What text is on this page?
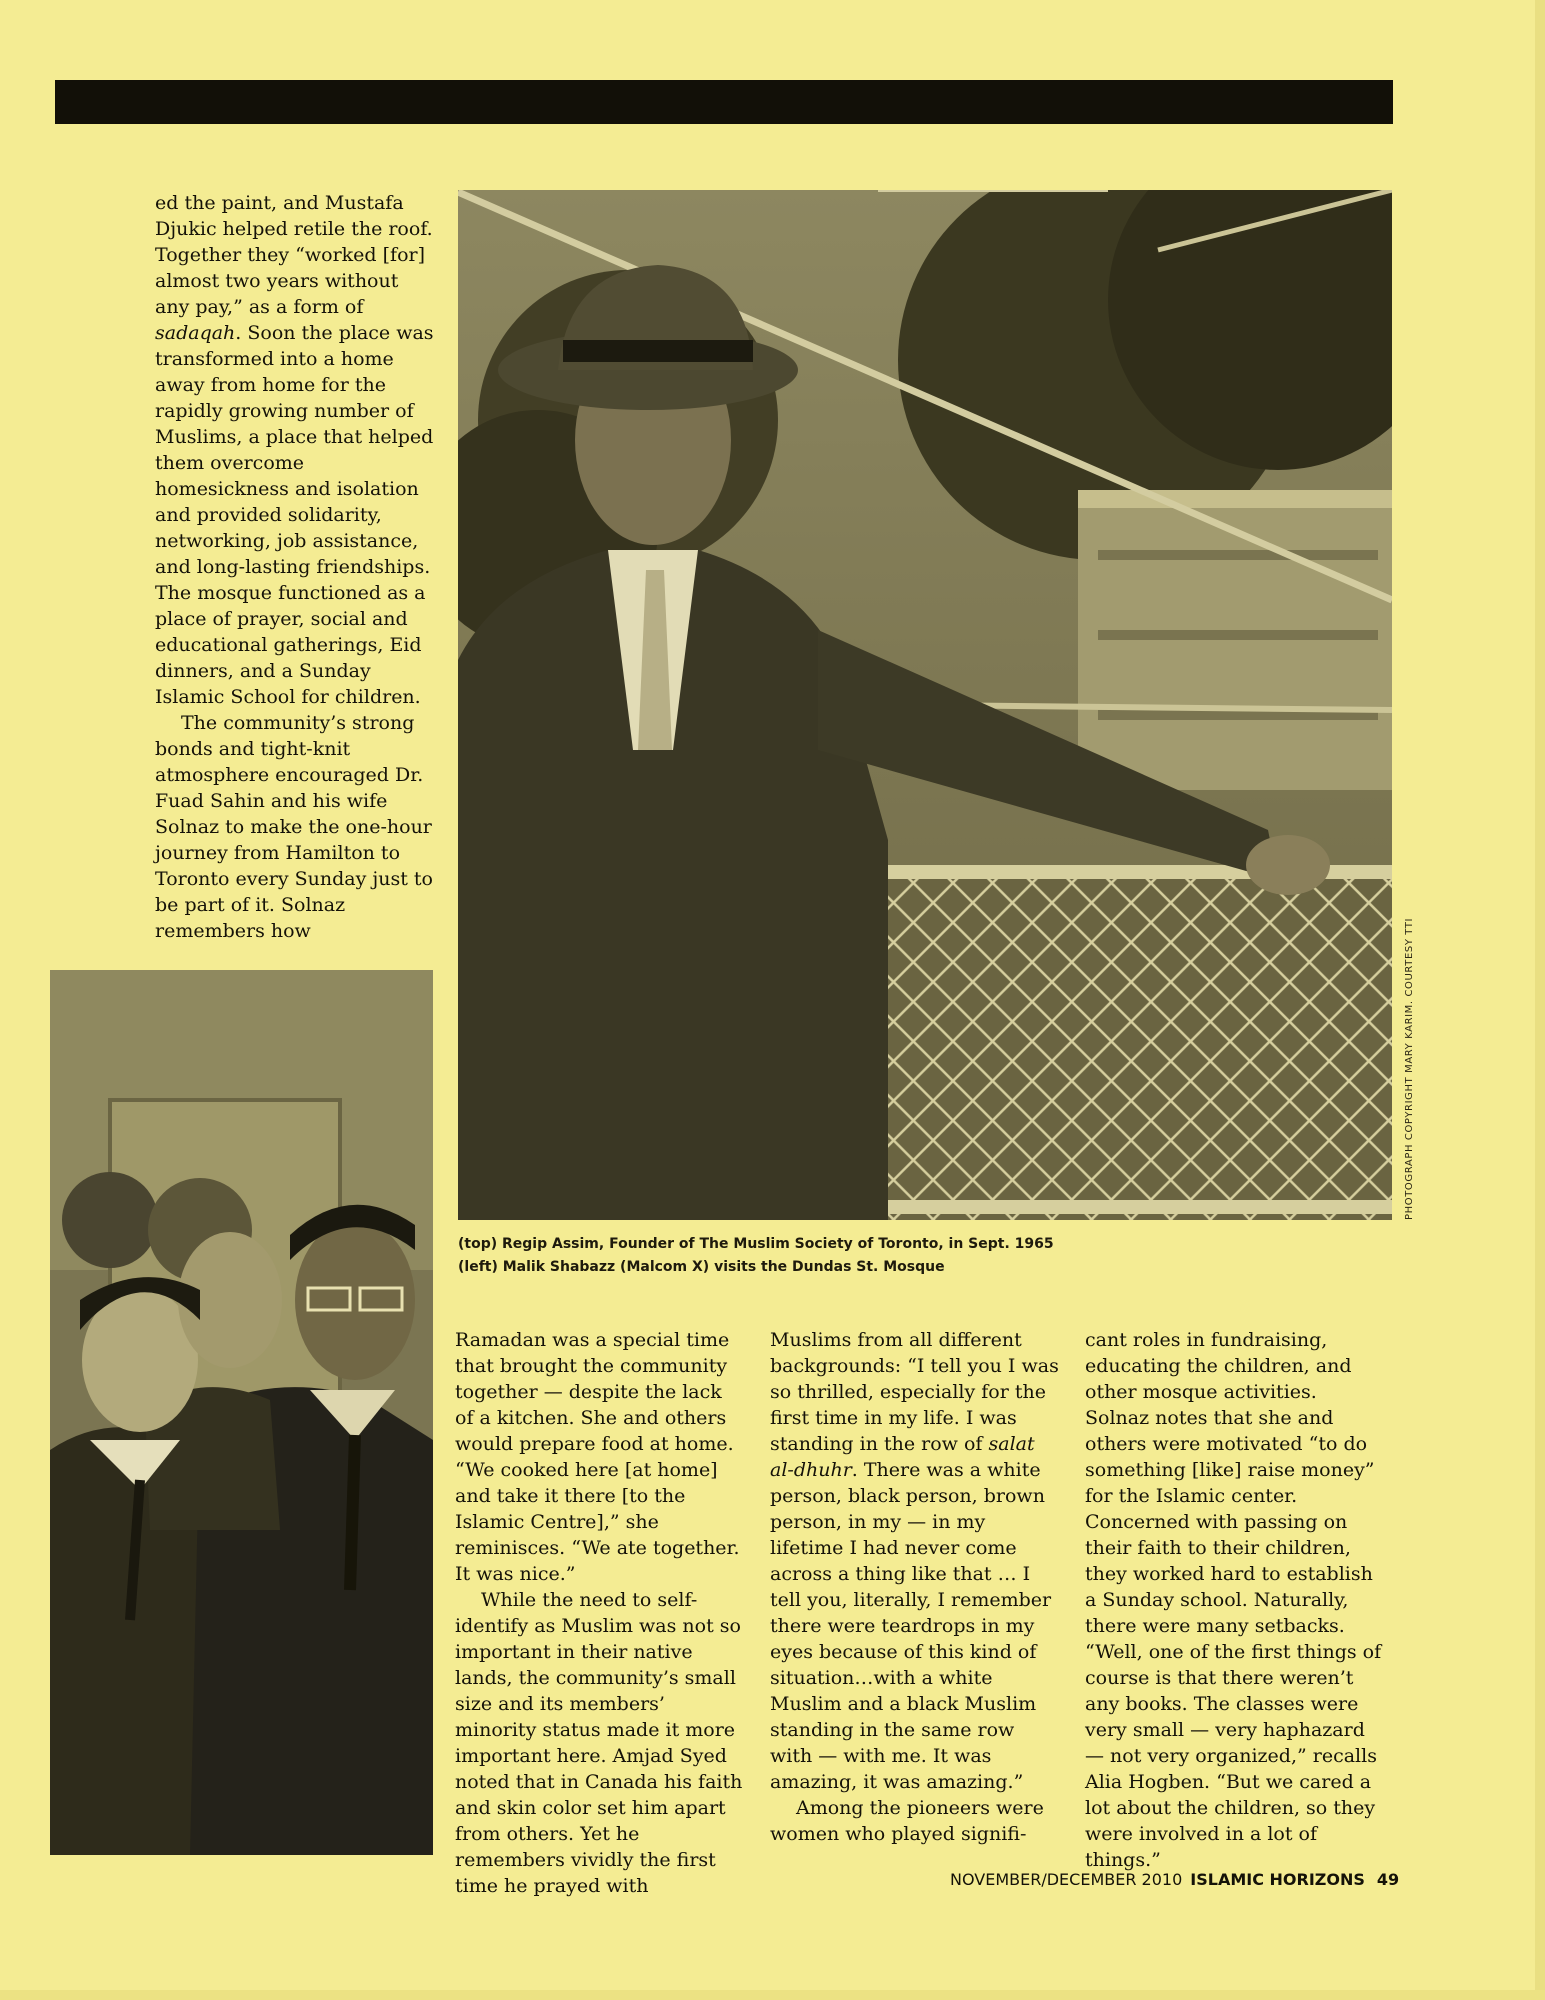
ed the paint, and Mustafa Djukic helped retile the roof. Together they “worked [for] almost two years without any pay,” as a form of sadaqah. Soon the place was transformed into a home away from home for the rapidly growing number of Muslims, a place that helped them overcome homesickness and isolation and provided solidarity, networking, job assistance, and long-lasting friendships. The mosque functioned as a place of prayer, social and educational gatherings, Eid dinners, and a Sunday Islamic School for children.

The community’s strong bonds and tight-knit atmosphere encouraged Dr. Fuad Sahin and his wife Solnaz to make the one-hour journey from Hamilton to Toronto every Sunday just to be part of it. Solnaz remembers how	PHOTOGRAPH COPYRIGHT MARY KARIM. COURTESY TTI
(top) Regip Assim, Founder of The Muslim Society of Toronto, in Sept. 1965
(left) Malik Shabazz (Malcom X) visits the Dundas St. Mosque

Ramadan was a special time that brought the community together — despite the lack of a kitchen. She and others would prepare food at home. “We cooked here [at home] and take it there [to the Islamic Centre],” she reminisces. “We ate together. It was nice.”

While the need to self-identify as Muslim was not so important in their native lands, the community’s small size and its members’ minority status made it more important here. Amjad Syed noted that in Canada his faith and skin color set him apart from others. Yet he remembers vividly the first time he prayed with

Muslims from all different backgrounds: “I tell you I was so thrilled, especially for the first time in my life. I was standing in the row of salat al-dhuhr. There was a white person, black person, brown person, in my — in my lifetime I had never come across a thing like that … I tell you, literally, I remember there were teardrops in my eyes because of this kind of situation…with a white Muslim and a black Muslim standing in the same row with — with me. It was amazing, it was amazing.”

Among the pioneers were women who played signifi-

cant roles in fundraising, educating the children, and other mosque activities. Solnaz notes that she and others were motivated “to do something [like] raise money” for the Islamic center. Concerned with passing on their faith to their children, they worked hard to establish a Sunday school. Naturally, there were many setbacks. “Well, one of the first things of course is that there weren’t any books. The classes were very small — very haphazard — not very organized,” recalls Alia Hogben. “But we cared a lot about the children, so they were involved in a lot of things.”

NOVEMBER/DECEMBER 2010 ISLAMIC HORIZONS 49
